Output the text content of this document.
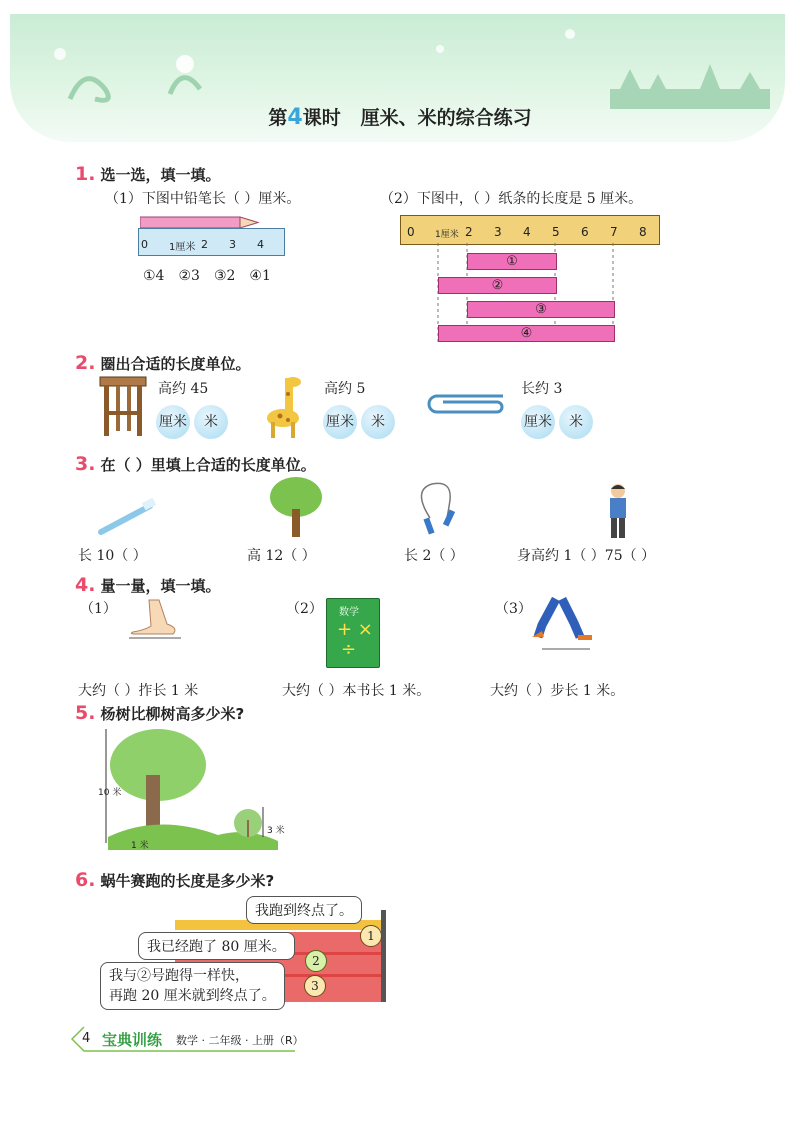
第4课时 厘米、米的综合练习
1. 选一选，填一填。
（1）下图中铅笔长（ ）厘米。	（2）下图中，（ ）纸条的长度是 5 厘米。
0 1厘米 2 3 4
①4 ②3 ③2 ④1
0 1厘米 2 3 4 5 6 7 8
①
②
③
④
2. 圈出合适的长度单位。
高约 45
厘米	米
高约 5
厘米	米
长约 3
厘米	米
3. 在（ ）里填上合适的长度单位。
长 10（ ）	高 12（ ）	长 2（ ）	身高约 1（ ）75（ ）
4. 量一量，填一填。
（1）	（2）	（3）
数学
+ ×
÷
大约（ ）拃长 1 米	大约（ ）本书长 1 米。	大约（ ）步长 1 米。
5. 杨树比柳树高多少米?
10 米
3 米
1 米
6. 蜗牛赛跑的长度是多少米?
1
2
3
我跑到终点了。
我已经跑了 80 厘米。
我与②号跑得一样快，
再跑 20 厘米就到终点了。
4 宝典训练 数学 · 二年级 · 上册（R）
